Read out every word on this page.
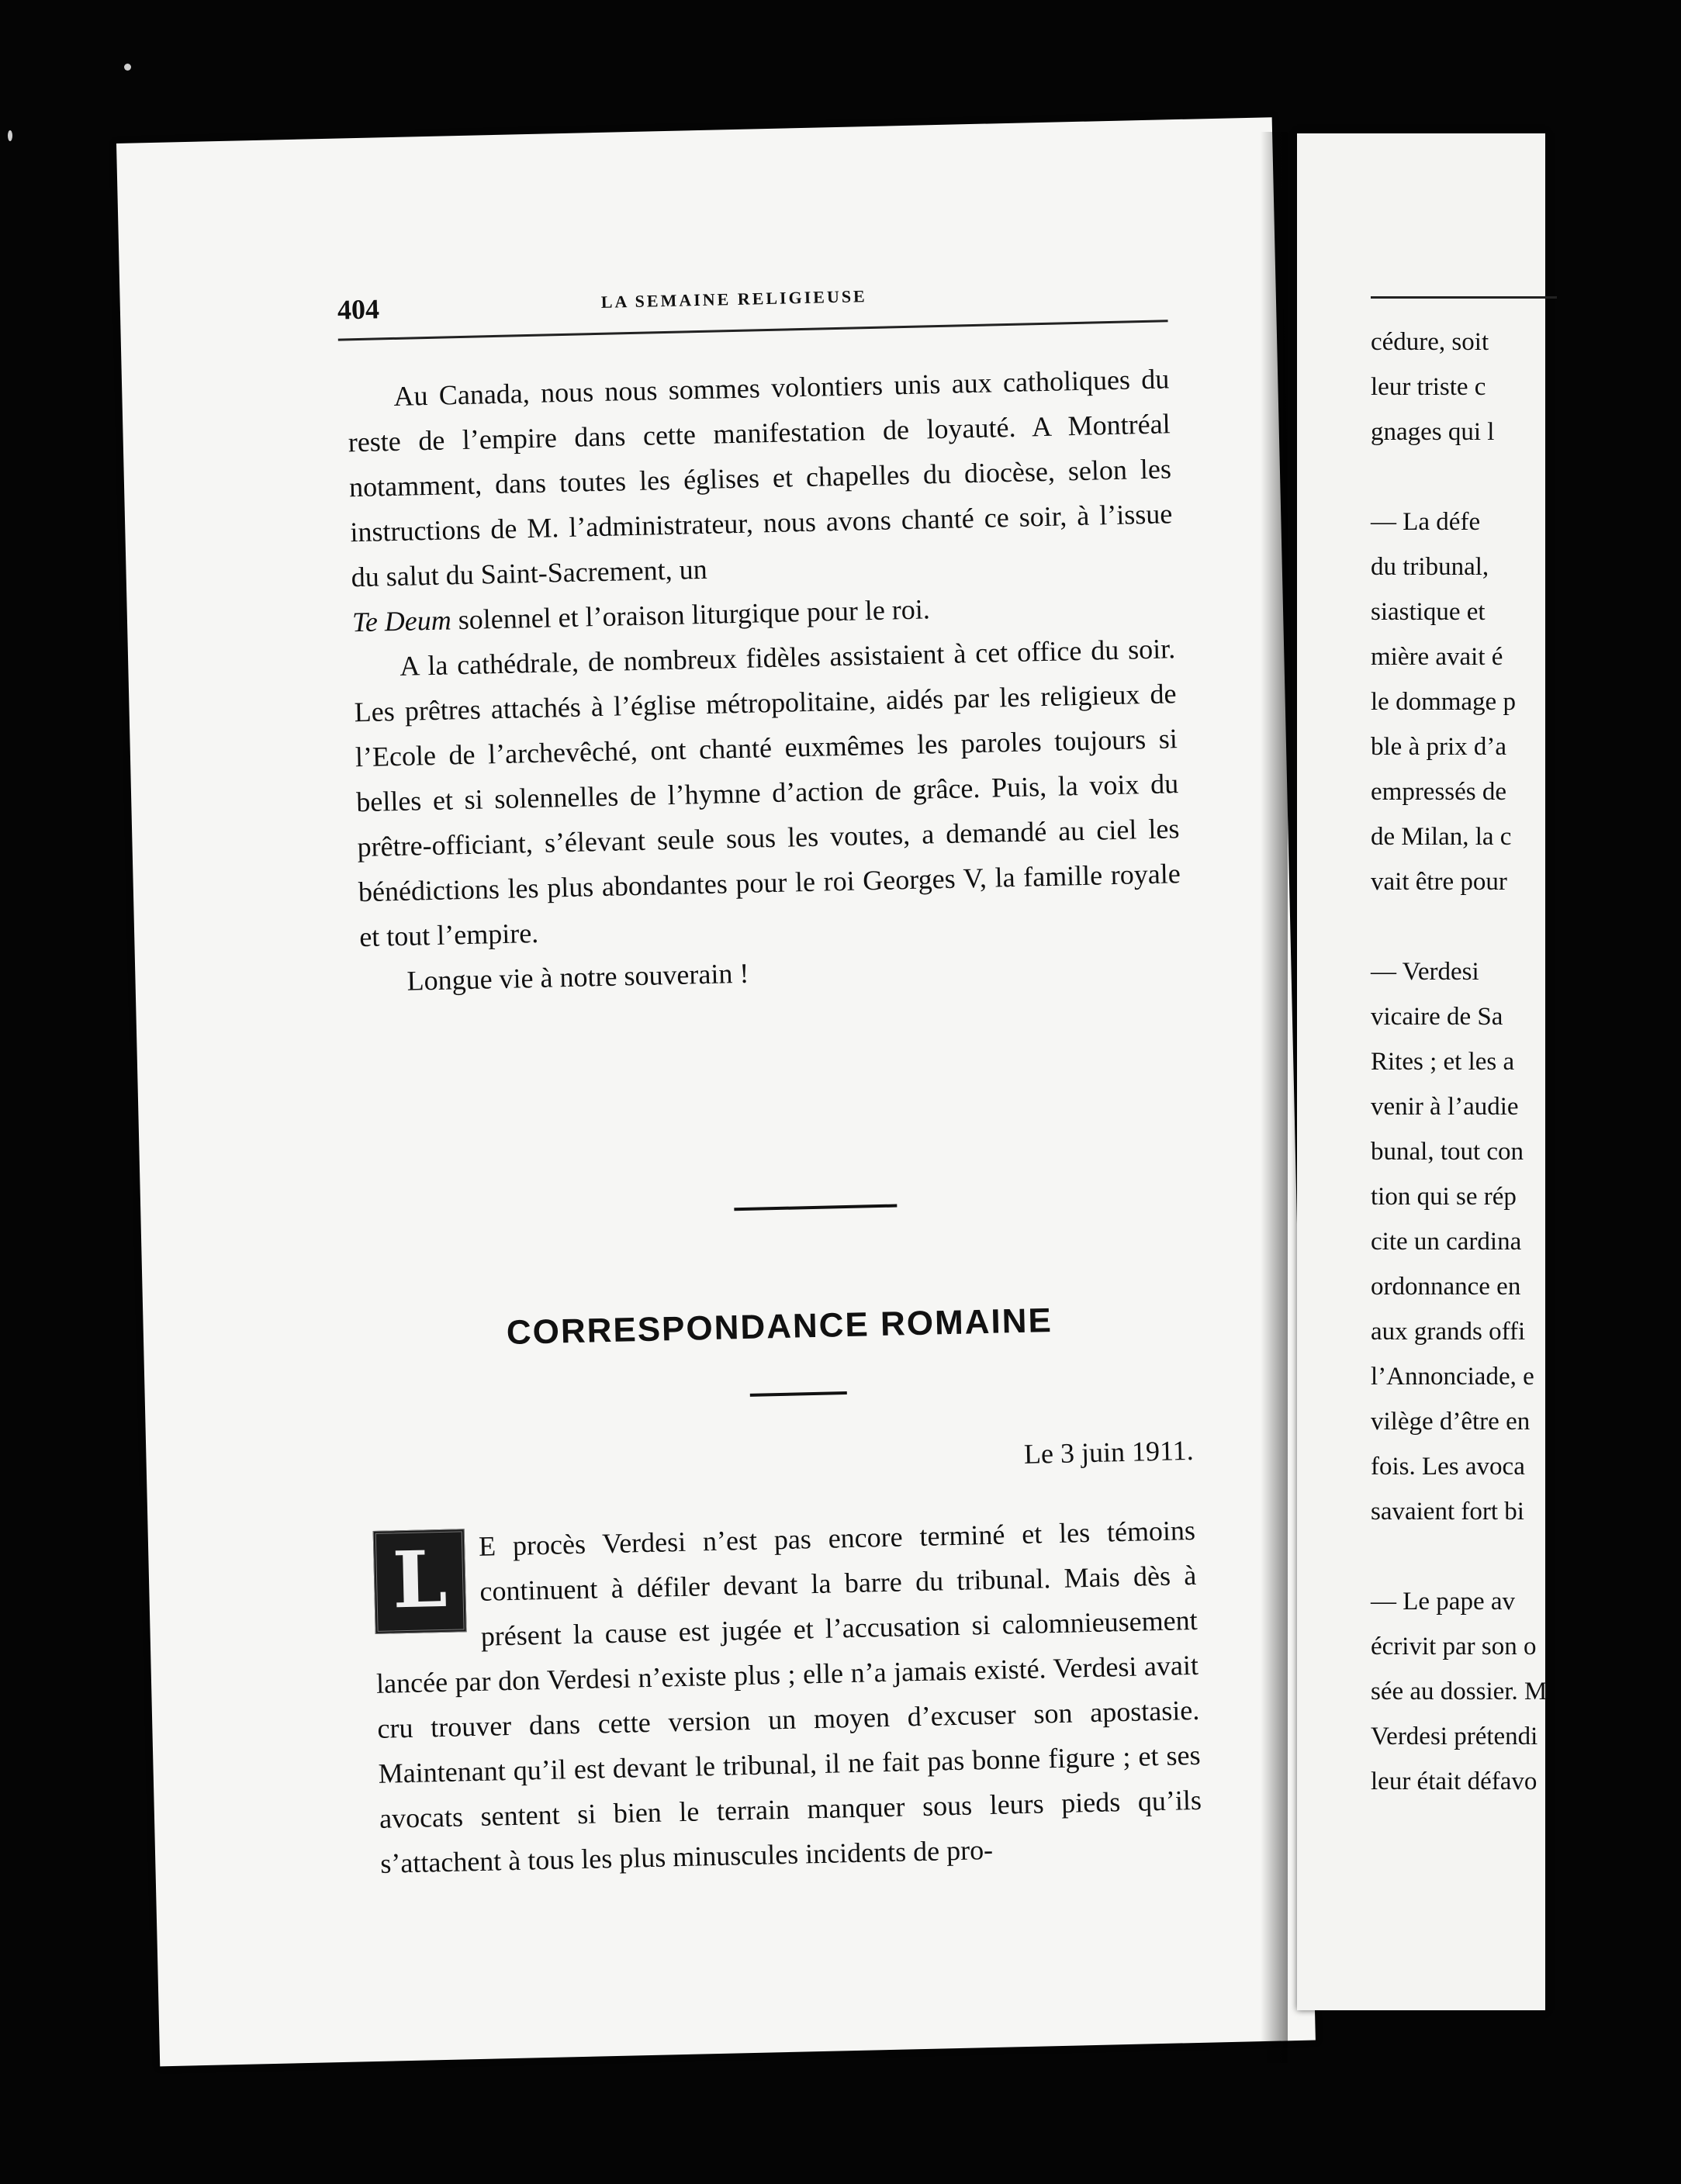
404	LA SEMAINE RELIGIEUSE

Au Canada, nous nous sommes volontiers unis aux catholiques du reste de l’empire dans cette manifestation de loyauté. A Montréal notamment, dans toutes les églises et chapelles du diocèse, selon les instructions de M. l’administrateur, nous avons chanté ce soir, à l’issue du salut du Saint-Sacrement, un

Te Deum solennel et l’oraison liturgique pour le roi.

A la cathédrale, de nombreux fidèles assistaient à cet office du soir. Les prêtres attachés à l’église métropolitaine, aidés par les religieux de l’Ecole de l’archevêché, ont chanté euxmêmes les paroles toujours si belles et si solennelles de l’hymne d’action de grâce. Puis, la voix du prêtre-officiant, s’élevant seule sous les voutes, a demandé au ciel les bénédictions les plus abondantes pour le roi Georges V, la famille royale et tout l’empire.

Longue vie à notre souverain !

CORRESPONDANCE ROMAINE
Le 3 juin 1911.
L	E procès Verdesi n’est pas encore terminé et les témoins continuent à défiler devant la barre du tribunal. Mais dès à présent la cause est jugée et l’accusation si calomnieusement lancée par don Verdesi n’existe plus ; elle n’a jamais existé. Verdesi avait cru trouver dans cette version un moyen d’excuser son apostasie. Maintenant qu’il est devant le tribunal, il ne fait pas bonne figure ; et ses avocats sentent si bien le terrain manquer sous leurs pieds qu’ils s’attachent à tous les plus minuscules incidents de pro-
cédure, soit
leur triste c
gnages qui l
— La défe
du tribunal,
siastique et
mière avait é
le dommage p
ble à prix d’a
empressés de
de Milan, la c
vait être pour
— Verdesi
vicaire de Sa
Rites ; et les a
venir à l’audie
bunal, tout con
tion qui se rép
cite un cardina
ordonnance en
aux grands offi
l’Annonciade, e
vilège d’être en
fois. Les avoca
savaient fort bi
— Le pape av
écrivit par son o
sée au dossier. M
Verdesi prétendi
leur était défavo
